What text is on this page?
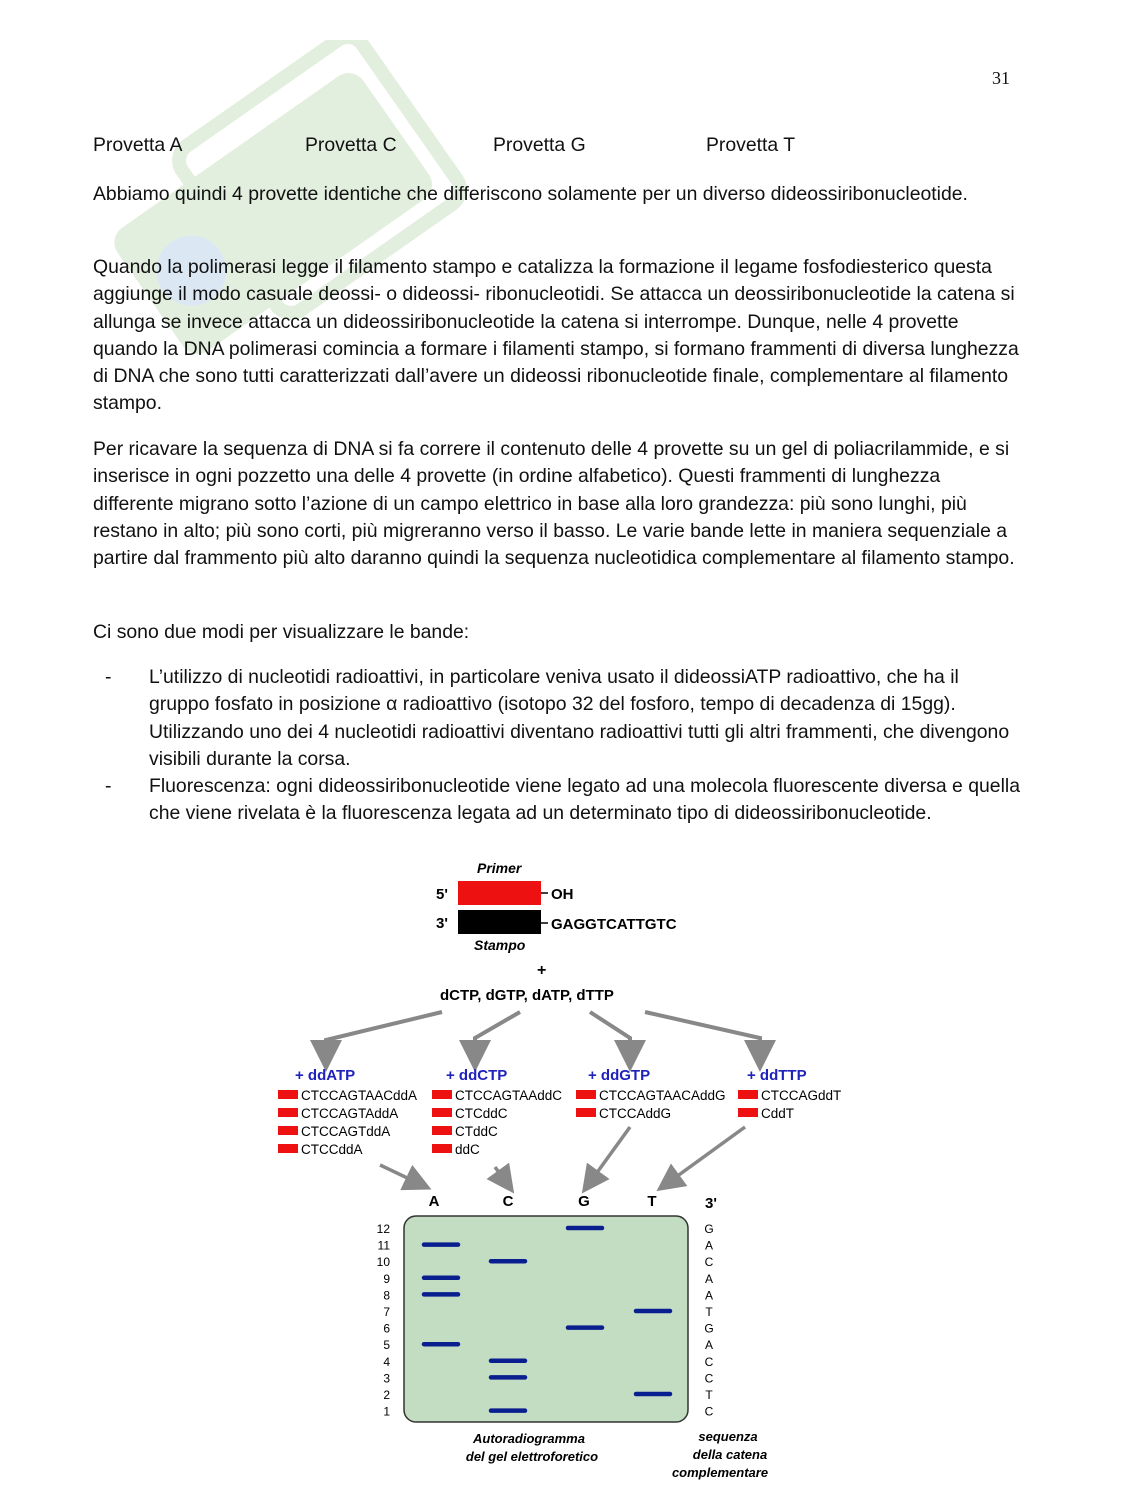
31
Provetta A	Provetta C	Provetta G	Provetta T

Abbiamo quindi 4 provette identiche che differiscono solamente per un diverso dideossiribonucleotide.

Quando la polimerasi legge il filamento stampo e catalizza la formazione il legame fosfodiesterico questa aggiunge il modo casuale deossi- o dideossi- ribonucleotidi. Se attacca un deossiribonucleotide la catena si allunga se invece attacca un dideossiribonucleotide la catena si interrompe. Dunque, nelle 4 provette quando la DNA polimerasi comincia a formare i filamenti stampo, si formano frammenti di diversa lunghezza di DNA che sono tutti caratterizzati dall’avere un dideossi ribonucleotide finale, complementare al filamento stampo.

Per ricavare la sequenza di DNA si fa correre il contenuto delle 4 provette su un gel di poliacrilammide, e si inserisce in ogni pozzetto una delle 4 provette (in ordine alfabetico). Questi frammenti di lunghezza differente migrano sotto l’azione di un campo elettrico in base alla loro grandezza: più sono lunghi, più restano in alto; più sono corti, più migreranno verso il basso. Le varie bande lette in maniera sequenziale a partire dal frammento più alto daranno quindi la sequenza nucleotidica complementare al filamento stampo.

Ci sono due modi per visualizzare le bande:

- L’utilizzo di nucleotidi radioattivi, in particolare veniva usato il dideossiATP radioattivo, che ha il gruppo fosfato in posizione α radioattivo (isotopo 32 del fosforo, tempo di decadenza di 15gg). Utilizzando uno dei 4 nucleotidi radioattivi diventano radioattivi tutti gli altri frammenti, che divengono visibili durante la corsa.
- Fluorescenza: ogni dideossiribonucleotide viene legato ad una molecola fluorescente diversa e quella che viene rivelata è la fluorescenza legata ad un determinato tipo di dideossiribonucleotide.
Primer
5'	OH
3'	GAGGTCATTGTC
Stampo
+
dCTP, dGTP, dATP, dTTP
+ ddATP	+ ddCTP	+ ddGTP	+ ddTTP
CTCCAGTAACddA
CTCCAGTAddA
CTCCAGTddA
CTCCddA
CTCCAGTAAddC
CTCddC
CTddC
ddC
CTCCAGTAACAddG
CTCCAddG
CTCCAGddT
CddT
A	C	G	T	3'
12
11
10
9
8
7
6
5
4
3
2
1
G
A
C
A
A
T
G
A
C
C
T
C
Autoradiogramma
del gel elettroforetico
sequenza
della catena
complementare
